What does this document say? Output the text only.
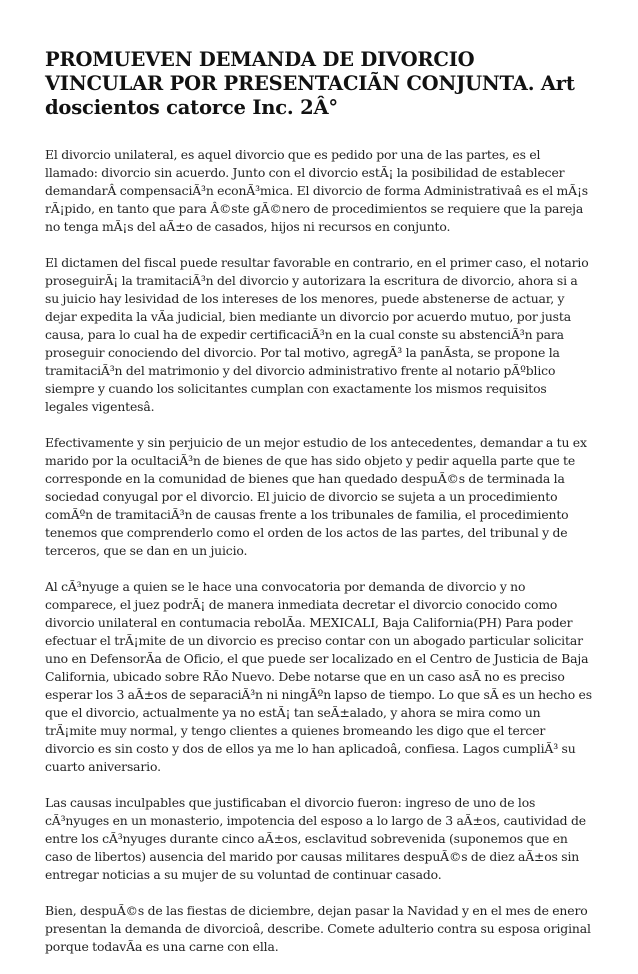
PROMUEVEN DEMANDA DE DIVORCIO VINCULAR POR PRESENTACIÃN CONJUNTA. Art doscientos catorce Inc. 2Â°

El divorcio unilateral, es aquel divorcio que es pedido por una de las partes, es el llamado: divorcio sin acuerdo. Junto con el divorcio estÃ¡ la posibilidad de establecer demandarÂ compensaciÃ³n econÃ³mica. El divorcio de forma Administrativaâ es el mÃ¡s rÃ¡pido, en tanto que para Â©ste gÃ©nero de procedimientos se requiere que la pareja no tenga mÃ¡s del aÃ±o de casados, hijos ni recursos en conjunto.

El dictamen del fiscal puede resultar favorable en contrario, en el primer caso, el notario proseguirÃ¡ la tramitaciÃ³n del divorcio y autorizara la escritura de divorcio, ahora si a su juicio hay lesividad de los intereses de los menores, puede abstenerse de actuar, y dejar expedita la vÃa judicial, bien mediante un divorcio por acuerdo mutuo, por justa causa, para lo cual ha de expedir certificaciÃ³n en la cual conste su abstenciÃ³n para proseguir conociendo del divorcio. Por tal motivo, agregÃ³ la panÃsta, se propone la tramitaciÃ³n del matrimonio y del divorcio administrativo frente al notario pÃºblico siempre y cuando los solicitantes cumplan con exactamente los mismos requisitos legales vigentesâ.

Efectivamente y sin perjuicio de un mejor estudio de los antecedentes, demandar a tu ex marido por la ocultaciÃ³n de bienes de que has sido objeto y pedir aquella parte que te corresponde en la comunidad de bienes que han quedado despuÃ©s de terminada la sociedad conyugal por el divorcio. El juicio de divorcio se sujeta a un procedimiento comÃºn de tramitaciÃ³n de causas frente a los tribunales de familia, el procedimiento tenemos que comprenderlo como el orden de los actos de las partes, del tribunal y de terceros, que se dan en un juicio.

Al cÃ³nyuge a quien se le hace una convocatoria por demanda de divorcio y no comparece, el juez podrÃ¡ de manera inmediata decretar el divorcio conocido como divorcio unilateral en contumacia rebolÃa. MEXICALI, Baja California(PH) Para poder efectuar el trÃ¡mite de un divorcio es preciso contar con un abogado particular solicitar uno en DefensorÃa de Oficio, el que puede ser localizado en el Centro de Justicia de Baja California, ubicado sobre RÃo Nuevo. Debe notarse que en un caso asÃ no es preciso esperar los 3 aÃ±os de separaciÃ³n ni ningÃºn lapso de tiempo. Lo que sÃ es un hecho es que el divorcio, actualmente ya no estÃ¡ tan seÃ±alado, y ahora se mira como un trÃ¡mite muy normal, y tengo clientes a quienes bromeando les digo que el tercer divorcio es sin costo y dos de ellos ya me lo han aplicadoâ, confiesa. Lagos cumpliÃ³ su cuarto aniversario.

Las causas inculpables que justificaban el divorcio fueron: ingreso de uno de los cÃ³nyuges en un monasterio, impotencia del esposo a lo largo de 3 aÃ±os, cautividad de entre los cÃ³nyuges durante cinco aÃ±os, esclavitud sobrevenida (suponemos que en caso de libertos) ausencia del marido por causas militares despuÃ©s de diez aÃ±os sin entregar noticias a su mujer de su voluntad de continuar casado.

Bien, despuÃ©s de las fiestas de diciembre, dejan pasar la Navidad y en el mes de enero presentan la demanda de divorcioâ, describe. Comete adulterio contra su esposa original porque todavÃa es una carne con ella.
